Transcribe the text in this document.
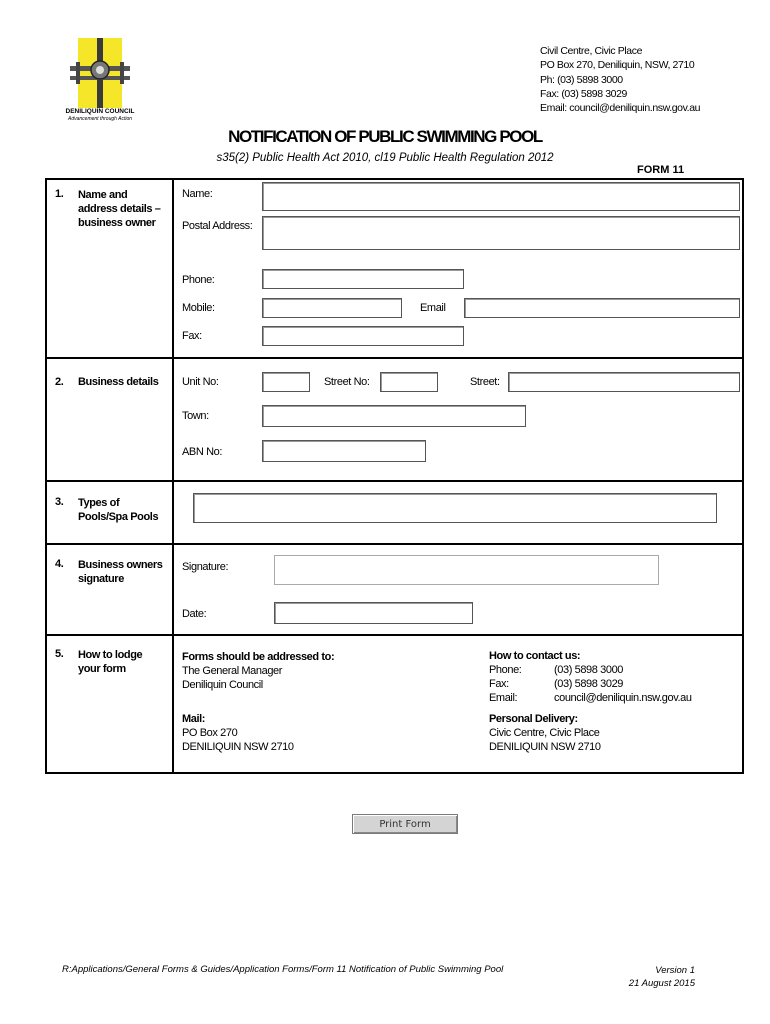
DENILIQUIN COUNCIL
Advancement through Action
Civil Centre, Civic Place
PO Box 270, Deniliquin, NSW, 2710
Ph: (03) 5898 3000
Fax: (03) 5898 3029
Email: council@deniliquin.nsw.gov.au
NOTIFICATION OF PUBLIC SWIMMING POOL
s35(2) Public Health Act 2010, cl19 Public Health Regulation 2012
FORM 11
1. Name and
address details –
business owner
Name:
Postal Address:
Phone:
Mobile:	Email
Fax:
2. Business details Unit No:	Street No:	Street:
Town:
ABN No:
3. Types of
Pools/Spa Pools
4. Business owners
signature
Signature:
Date:
5. How to lodge
your form
Forms should be addressed to:
The General Manager
Deniliquin Council
Mail:
PO Box 270
DENILIQUIN NSW 2710
How to contact us:
Phone:	(03) 5898 3000
Fax:	(03) 5898 3029
Email:	council@deniliquin.nsw.gov.au
Personal Delivery:
Civic Centre, Civic Place
DENILIQUIN NSW 2710
Print Form
R:Applications/General Forms & Guides/Application Forms/Form 11 Notification of Public Swimming Pool	Version 1
21 August 2015
